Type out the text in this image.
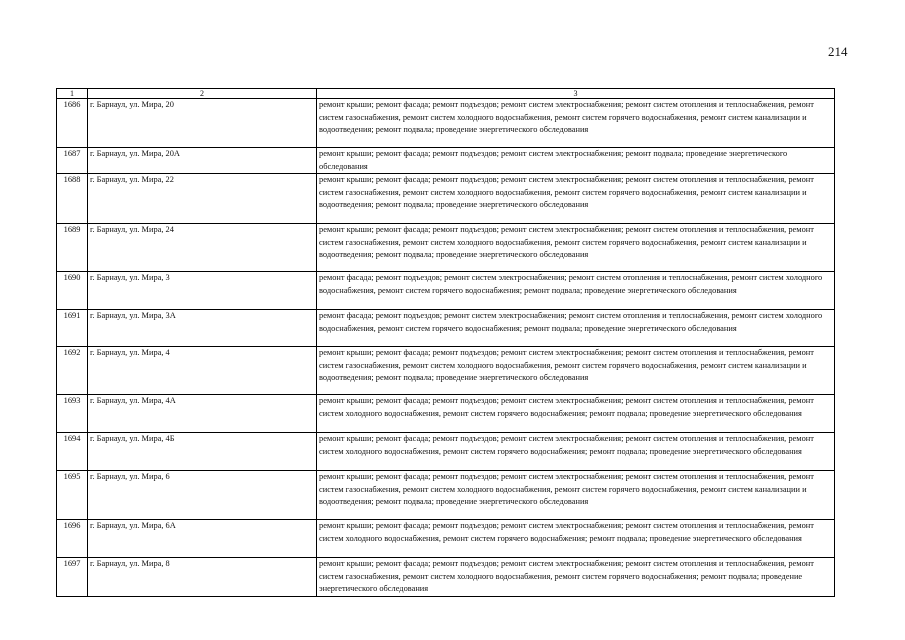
214
1	2	3
1686	г. Барнаул, ул. Мира, 20	ремонт крыши; ремонт фасада; ремонт подъездов; ремонт систем электроснабжения; ремонт систем отопления и теплоснабжения, ремонт систем газоснабжения, ремонт систем холодного водоснабжения, ремонт систем горячего водоснабжения, ремонт систем канализации и водоотведения; ремонт подвала; проведение энергетического обследования
1687	г. Барнаул, ул. Мира, 20А	ремонт крыши; ремонт фасада; ремонт подъездов; ремонт систем электроснабжения; ремонт подвала; проведение энергетического обследования
1688	г. Барнаул, ул. Мира, 22	ремонт крыши; ремонт фасада; ремонт подъездов; ремонт систем электроснабжения; ремонт систем отопления и теплоснабжения, ремонт систем газоснабжения, ремонт систем холодного водоснабжения, ремонт систем горячего водоснабжения, ремонт систем канализации и водоотведения; ремонт подвала; проведение энергетического обследования
1689	г. Барнаул, ул. Мира, 24	ремонт крыши; ремонт фасада; ремонт подъездов; ремонт систем электроснабжения; ремонт систем отопления и теплоснабжения, ремонт систем газоснабжения, ремонт систем холодного водоснабжения, ремонт систем горячего водоснабжения, ремонт систем канализации и водоотведения; ремонт подвала; проведение энергетического обследования
1690	г. Барнаул, ул. Мира, 3	ремонт фасада; ремонт подъездов; ремонт систем электроснабжения; ремонт систем отопления и теплоснабжения, ремонт систем холодного водоснабжения, ремонт систем горячего водоснабжения; ремонт подвала; проведение энергетического обследования
1691	г. Барнаул, ул. Мира, 3А	ремонт фасада; ремонт подъездов; ремонт систем электроснабжения; ремонт систем отопления и теплоснабжения, ремонт систем холодного водоснабжения, ремонт систем горячего водоснабжения; ремонт подвала; проведение энергетического обследования
1692	г. Барнаул, ул. Мира, 4	ремонт крыши; ремонт фасада; ремонт подъездов; ремонт систем электроснабжения; ремонт систем отопления и теплоснабжения, ремонт систем газоснабжения, ремонт систем холодного водоснабжения, ремонт систем горячего водоснабжения, ремонт систем канализации и водоотведения; ремонт подвала; проведение энергетического обследования
1693	г. Барнаул, ул. Мира, 4А	ремонт крыши; ремонт фасада; ремонт подъездов; ремонт систем электроснабжения; ремонт систем отопления и теплоснабжения, ремонт систем холодного водоснабжения, ремонт систем горячего водоснабжения; ремонт подвала; проведение энергетического обследования
1694	г. Барнаул, ул. Мира, 4Б	ремонт крыши; ремонт фасада; ремонт подъездов; ремонт систем электроснабжения; ремонт систем отопления и теплоснабжения, ремонт систем холодного водоснабжения, ремонт систем горячего водоснабжения; ремонт подвала; проведение энергетического обследования
1695	г. Барнаул, ул. Мира, 6	ремонт крыши; ремонт фасада; ремонт подъездов; ремонт систем электроснабжения; ремонт систем отопления и теплоснабжения, ремонт систем газоснабжения, ремонт систем холодного водоснабжения, ремонт систем горячего водоснабжения, ремонт систем канализации и водоотведения; ремонт подвала; проведение энергетического обследования
1696	г. Барнаул, ул. Мира, 6А	ремонт крыши; ремонт фасада; ремонт подъездов; ремонт систем электроснабжения; ремонт систем отопления и теплоснабжения, ремонт систем холодного водоснабжения, ремонт систем горячего водоснабжения; ремонт подвала; проведение энергетического обследования
1697	г. Барнаул, ул. Мира, 8	ремонт крыши; ремонт фасада; ремонт подъездов; ремонт систем электроснабжения; ремонт систем отопления и теплоснабжения, ремонт систем газоснабжения, ремонт систем холодного водоснабжения, ремонт систем горячего водоснабжения; ремонт подвала; проведение энергетического обследования
